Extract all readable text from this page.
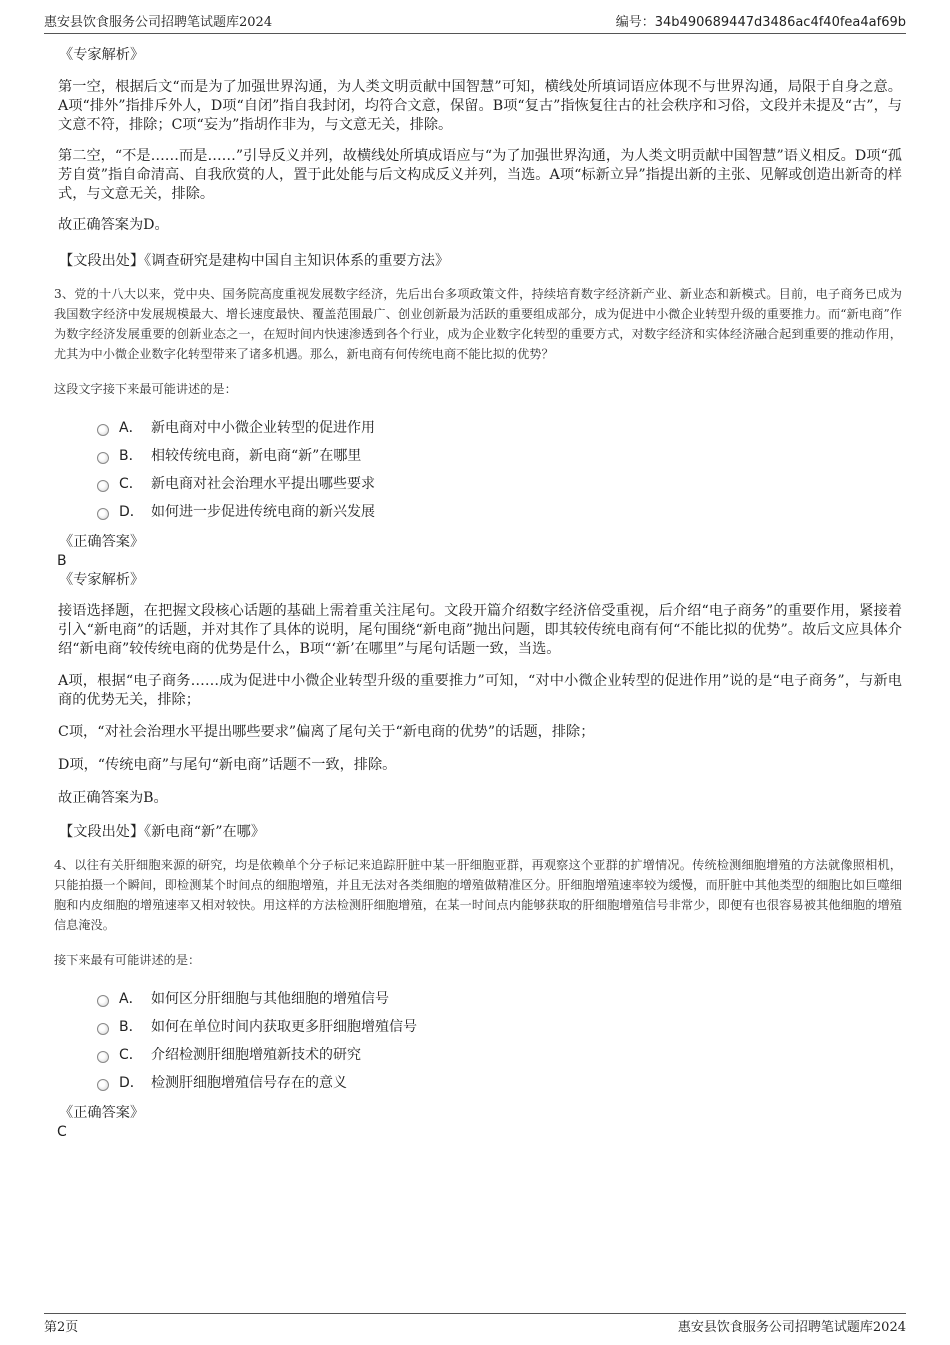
惠安县饮食服务公司招聘笔试题库2024	编号：34b490689447d3486ac4f40fea4af69b
《专家解析》
第一空，根据后文“而是为了加强世界沟通，为人类文明贡献中国智慧”可知，横线处所填词语应体现不与世界沟通，局限于自身之意。A项“排外”指排斥外人，D项“自闭”指自我封闭，均符合文意，保留。B项“复古”指恢复往古的社会秩序和习俗，文段并未提及“古”，与文意不符，排除；C项“妄为”指胡作非为，与文意无关，排除。
第二空，“不是……而是……”引导反义并列，故横线处所填成语应与“为了加强世界沟通，为人类文明贡献中国智慧”语义相反。D项“孤芳自赏”指自命清高、自我欣赏的人，置于此处能与后文构成反义并列，当选。A项“标新立异”指提出新的主张、见解或创造出新奇的样式，与文意无关，排除。
故正确答案为D。
【文段出处】《调查研究是建构中国自主知识体系的重要方法》
3、党的十八大以来，党中央、国务院高度重视发展数字经济，先后出台多项政策文件，持续培育数字经济新产业、新业态和新模式。目前，电子商务已成为我国数字经济中发展规模最大、增长速度最快、覆盖范围最广、创业创新最为活跃的重要组成部分，成为促进中小微企业转型升级的重要推力。而“新电商”作为数字经济发展重要的创新业态之一，在短时间内快速渗透到各个行业，成为企业数字化转型的重要方式，对数字经济和实体经济融合起到重要的推动作用，尤其为中小微企业数字化转型带来了诸多机遇。那么，新电商有何传统电商不能比拟的优势？
这段文字接下来最可能讲述的是：
A． 新电商对中小微企业转型的促进作用
B． 相较传统电商，新电商“新”在哪里
C． 新电商对社会治理水平提出哪些要求
D． 如何进一步促进传统电商的新兴发展
《正确答案》
B
《专家解析》
接语选择题，在把握文段核心话题的基础上需着重关注尾句。文段开篇介绍数字经济倍受重视，后介绍“电子商务”的重要作用，紧接着引入“新电商”的话题，并对其作了具体的说明，尾句围绕“新电商”抛出问题，即其较传统电商有何“不能比拟的优势”。故后文应具体介绍“新电商”较传统电商的优势是什么，B项“‘新’在哪里”与尾句话题一致，当选。
A项，根据“电子商务……成为促进中小微企业转型升级的重要推力”可知，“对中小微企业转型的促进作用”说的是“电子商务”，与新电商的优势无关，排除；
C项，“对社会治理水平提出哪些要求”偏离了尾句关于“新电商的优势”的话题，排除；
D项，“传统电商”与尾句“新电商”话题不一致，排除。
故正确答案为B。
【文段出处】《新电商“新”在哪》
4、以往有关肝细胞来源的研究，均是依赖单个分子标记来追踪肝脏中某一肝细胞亚群，再观察这个亚群的扩增情况。传统检测细胞增殖的方法就像照相机，只能拍摄一个瞬间，即检测某个时间点的细胞增殖，并且无法对各类细胞的增殖做精准区分。肝细胞增殖速率较为缓慢，而肝脏中其他类型的细胞比如巨噬细胞和内皮细胞的增殖速率又相对较快。用这样的方法检测肝细胞增殖，在某一时间点内能够获取的肝细胞增殖信号非常少，即便有也很容易被其他细胞的增殖信息淹没。
接下来最有可能讲述的是：
A． 如何区分肝细胞与其他细胞的增殖信号
B． 如何在单位时间内获取更多肝细胞增殖信号
C． 介绍检测肝细胞增殖新技术的研究
D． 检测肝细胞增殖信号存在的意义
《正确答案》
C
第2页	惠安县饮食服务公司招聘笔试题库2024
